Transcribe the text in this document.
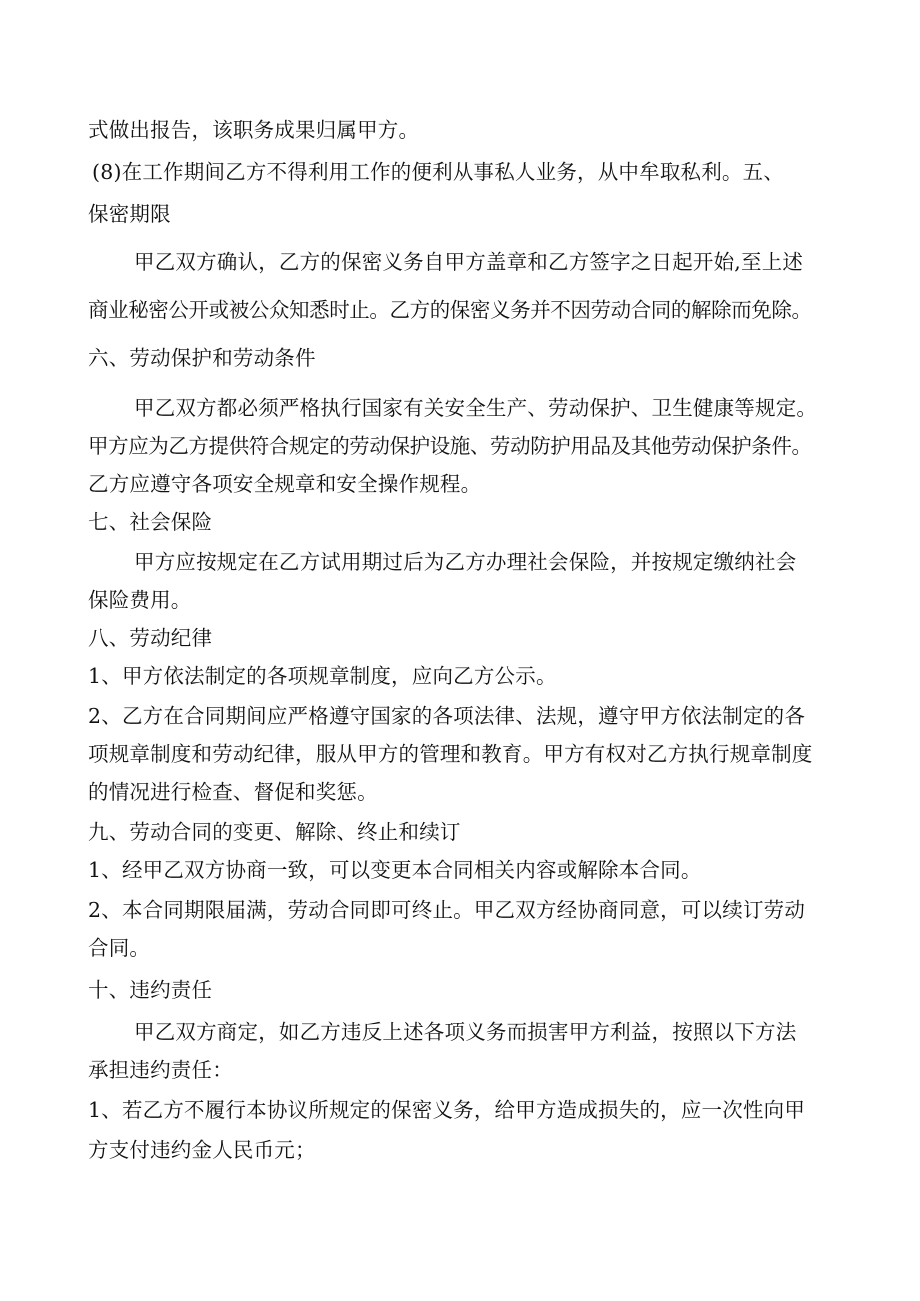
式做出报告，该职务成果归属甲方。
(8)在工作期间乙方不得利用工作的便利从事私人业务，从中牟取私利。五、
保密期限
甲乙双方确认，乙方的保密义务自甲方盖章和乙方签字之日起开始,至上述
商业秘密公开或被公众知悉时止。乙方的保密义务并不因劳动合同的解除而免除。
六、劳动保护和劳动条件
甲乙双方都必须严格执行国家有关安全生产、劳动保护、卫生健康等规定。
甲方应为乙方提供符合规定的劳动保护设施、劳动防护用品及其他劳动保护条件。
乙方应遵守各项安全规章和安全操作规程。
七、社会保险
甲方应按规定在乙方试用期过后为乙方办理社会保险，并按规定缴纳社会
保险费用。
八、劳动纪律
1、甲方依法制定的各项规章制度，应向乙方公示。
2、乙方在合同期间应严格遵守国家的各项法律、法规，遵守甲方依法制定的各
项规章制度和劳动纪律，服从甲方的管理和教育。甲方有权对乙方执行规章制度
的情况进行检查、督促和奖惩。
九、劳动合同的变更、解除、终止和续订
1、经甲乙双方协商一致，可以变更本合同相关内容或解除本合同。
2、本合同期限届满，劳动合同即可终止。甲乙双方经协商同意，可以续订劳动
合同。
十、违约责任
甲乙双方商定，如乙方违反上述各项义务而损害甲方利益，按照以下方法
承担违约责任：
1、若乙方不履行本协议所规定的保密义务，给甲方造成损失的，应一次性向甲
方支付违约金人民币元；
